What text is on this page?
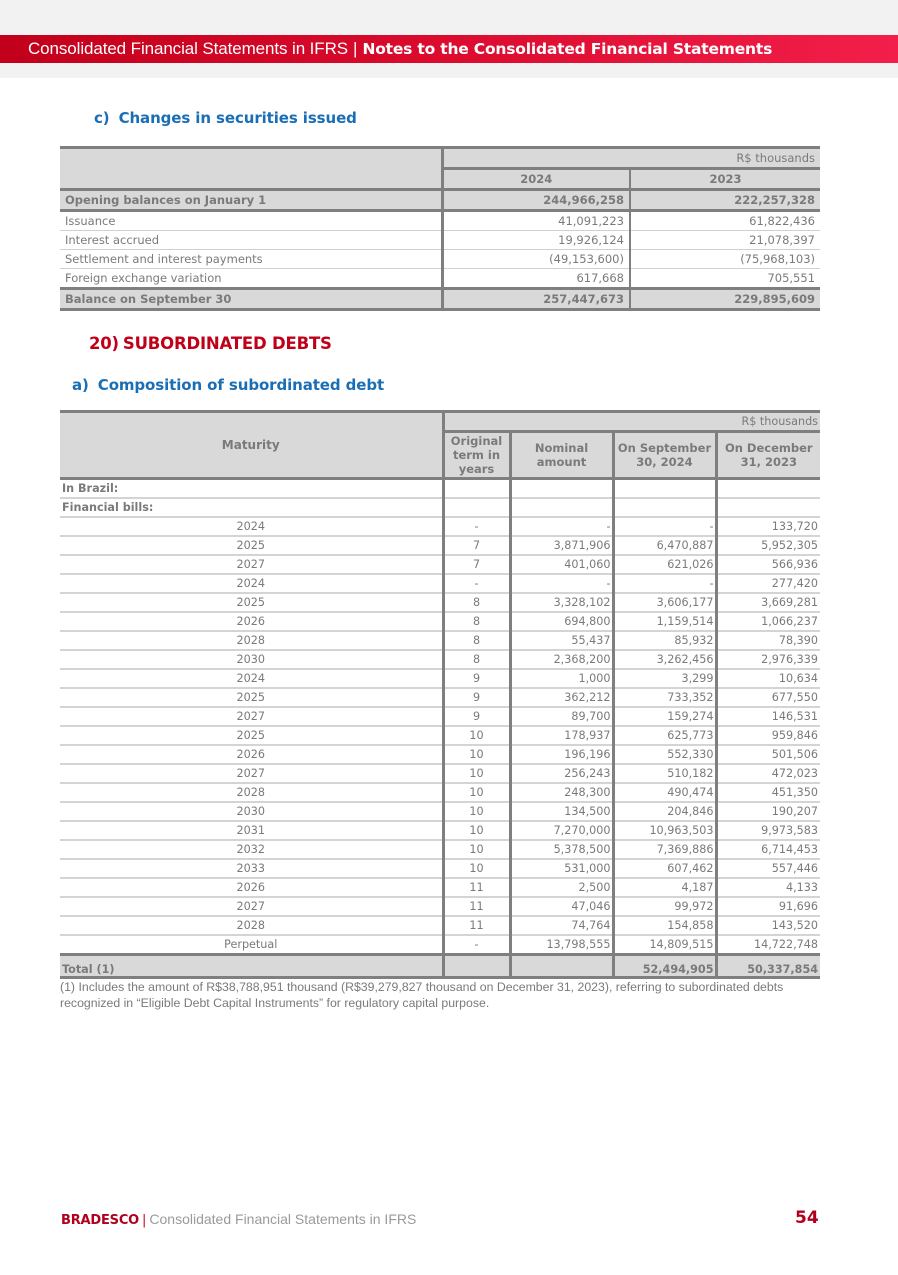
Consolidated Financial Statements in IFRS | Notes to the Consolidated Financial Statements
c) Changes in securities issued
	R$ thousands	
	2024	2023
Opening balances on January 1	244,966,258	222,257,328
Issuance	41,091,223	61,822,436
Interest accrued	19,926,124	21,078,397
Settlement and interest payments	(49,153,600)	(75,968,103)
Foreign exchange variation	617,668	705,551
Balance on September 30	257,447,673	229,895,609
20) SUBORDINATED DEBTS
a) Composition of subordinated debt
Maturity	R$ thousands			
	Original term in years	Nominal amount	On September 30, 2024	On December 31, 2023
In Brazil:				
Financial bills:				
2024	-	-	-	133,720
2025	7	3,871,906	6,470,887	5,952,305
2027	7	401,060	621,026	566,936
2024	-	-	-	277,420
2025	8	3,328,102	3,606,177	3,669,281
2026	8	694,800	1,159,514	1,066,237
2028	8	55,437	85,932	78,390
2030	8	2,368,200	3,262,456	2,976,339
2024	9	1,000	3,299	10,634
2025	9	362,212	733,352	677,550
2027	9	89,700	159,274	146,531
2025	10	178,937	625,773	959,846
2026	10	196,196	552,330	501,506
2027	10	256,243	510,182	472,023
2028	10	248,300	490,474	451,350
2030	10	134,500	204,846	190,207
2031	10	7,270,000	10,963,503	9,973,583
2032	10	5,378,500	7,369,886	6,714,453
2033	10	531,000	607,462	557,446
2026	11	2,500	4,187	4,133
2027	11	47,046	99,972	91,696
2028	11	74,764	154,858	143,520
Perpetual	-	13,798,555	14,809,515	14,722,748
Total (1)			52,494,905	50,337,854
(1) Includes the amount of R$38,788,951 thousand (R$39,279,827 thousand on December 31, 2023), referring to subordinated debts recognized in “Eligible Debt Capital Instruments” for regulatory capital purpose.
BRADESCO | Consolidated Financial Statements in IFRS	54
